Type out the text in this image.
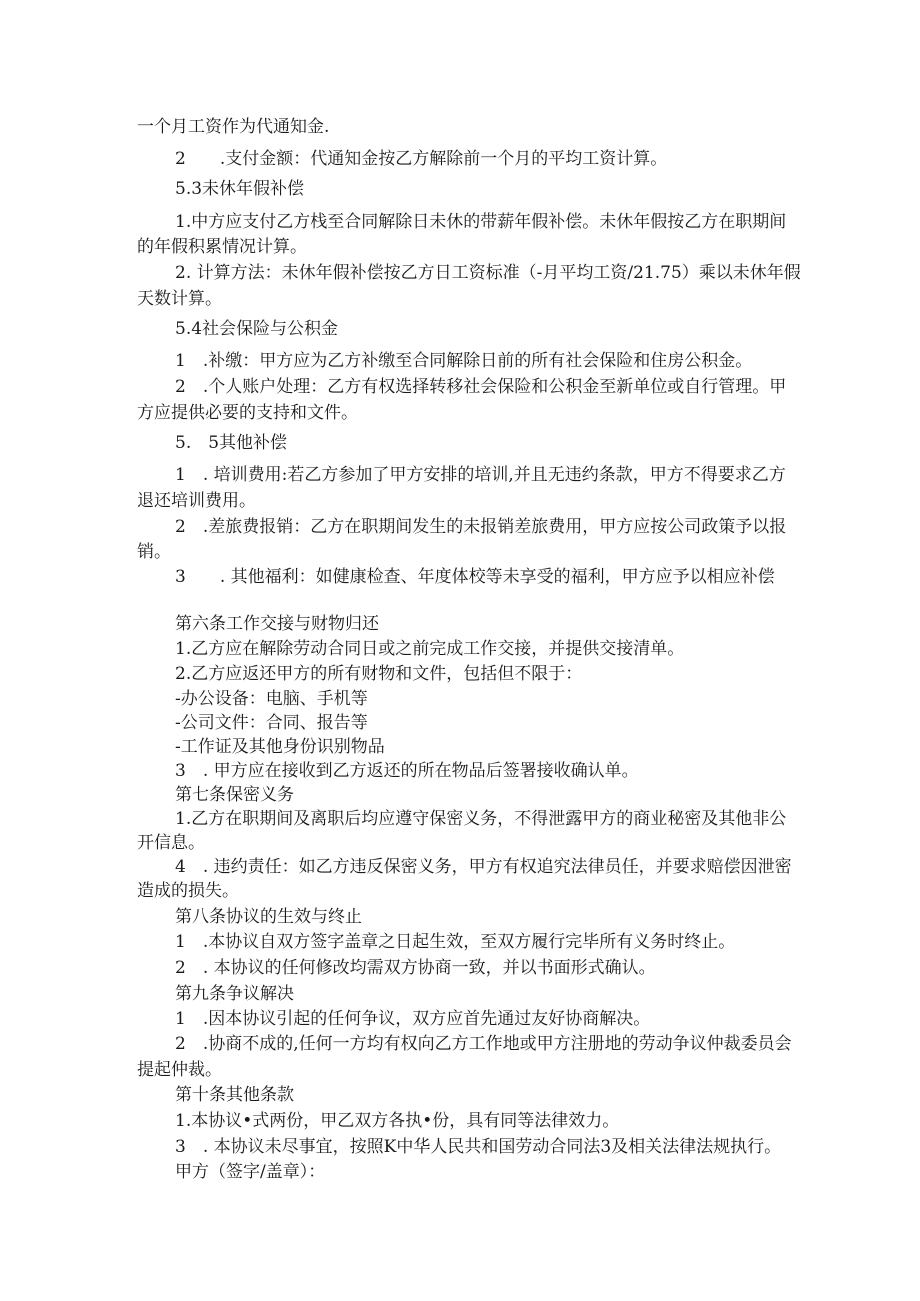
一个月工资作为代通知金.
2　　.支付金额：代通知金按乙方解除前一个月的平均工资计算。
5.3未休年假补偿
1.中方应支付乙方栈至合同解除日未休的带薪年假补偿。未休年假按乙方在职期间
的年假积累情况计算。
2. 计算方法：未休年假补偿按乙方日工资标准（-月平均工资/21.75）乘以未休年假
天数计算。
5.4社会保险与公积金
1　.补缴：甲方应为乙方补缴至合同解除日前的所有社会保险和住房公积金。
2　.个人账户处理：乙方有权选择转移社会保险和公积金至新单位或自行管理。甲
方应提供必要的支持和文件。
5.　5其他补偿
1　. 培训费用:若乙方参加了甲方安排的培训,并且无违约条款，甲方不得要求乙方
退还培训费用。
2　.差旅费报销：乙方在职期间发生的未报销差旅费用，甲方应按公司政策予以报
销。
3　　. 其他福利：如健康检查、年度体校等未享受的福利，甲方应予以相应补偿
第六条工作交接与财物归还
1.乙方应在解除劳动合同日或之前完成工作交接，并提供交接清单。
2.乙方应返还甲方的所有财物和文件，包括但不限于：
-办公设备：电脑、手机等
-公司文件：合同、报告等
-工作证及其他身份识别物品
3　. 甲方应在接收到乙方返还的所在物品后签署接收确认单。
第七条保密义务
1.乙方在职期间及离职后均应遵守保密义务，不得泄露甲方的商业秘密及其他非公
开信息。
4　. 违约责任：如乙方违反保密义务，甲方有权追究法律员任，并要求赔偿因泄密
造成的损失。
第八条协议的生效与终止
1　.本协议自双方签字盖章之日起生效，至双方履行完毕所有义务时终止。
2　. 本协议的任何修改均需双方协商一致，并以书面形式确认。
第九条争议解决
1　.因本协议引起的任何争议，双方应首先通过友好协商解决。
2　.协商不成的,任何一方均有权向乙方工作地或甲方注册地的劳动争议仲裁委员会
提起仲裁。
第十条其他条款
1.本协议•式两份，甲乙双方各执•份，具有同等法律效力。
3　. 本协议未尽事宜，按照K中华人民共和国劳动合同法3及相关法律法规执行。
甲方（签字/盖章）：
